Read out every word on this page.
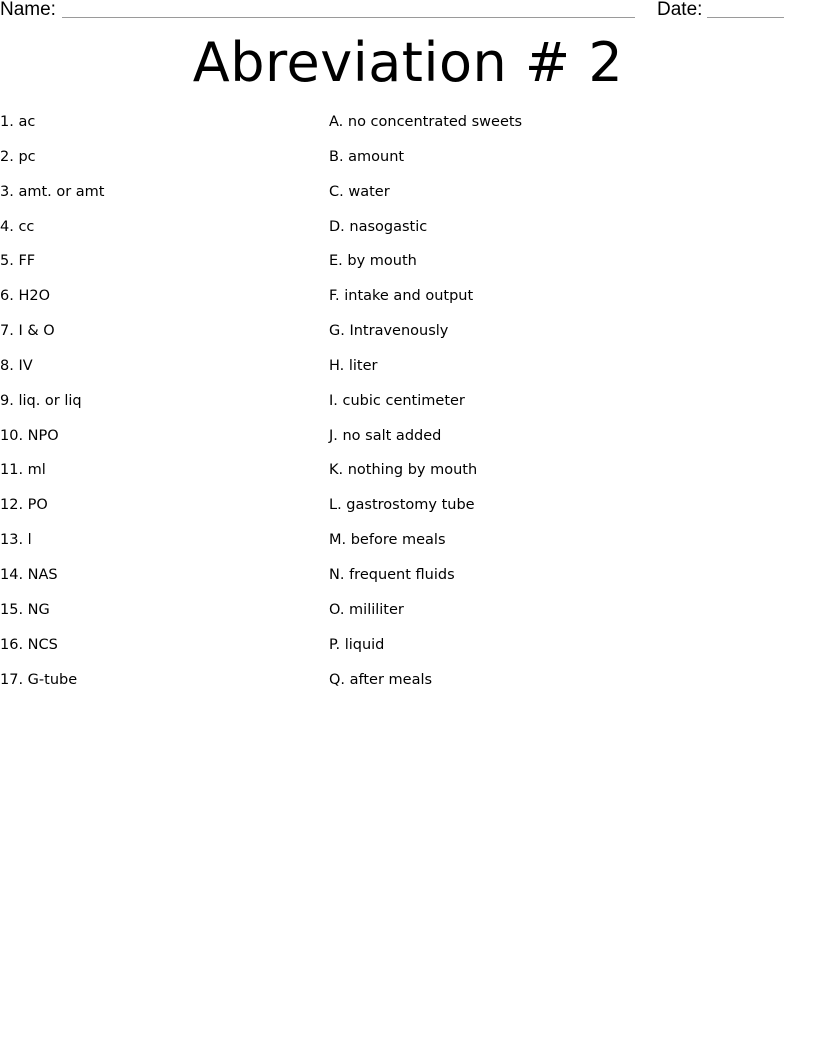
Name:	Date:
Abreviation # 2
1. ac
2. pc
3. amt. or amt
4. cc
5. FF
6. H2O
7. I & O
8. IV
9. liq. or liq
10. NPO
11. ml
12. PO
13. l
14. NAS
15. NG
16. NCS
17. G-tube
A. no concentrated sweets
B. amount
C. water
D. nasogastic
E. by mouth
F. intake and output
G. Intravenously
H. liter
I. cubic centimeter
J. no salt added
K. nothing by mouth
L. gastrostomy tube
M. before meals
N. frequent fluids
O. mililiter
P. liquid
Q. after meals
